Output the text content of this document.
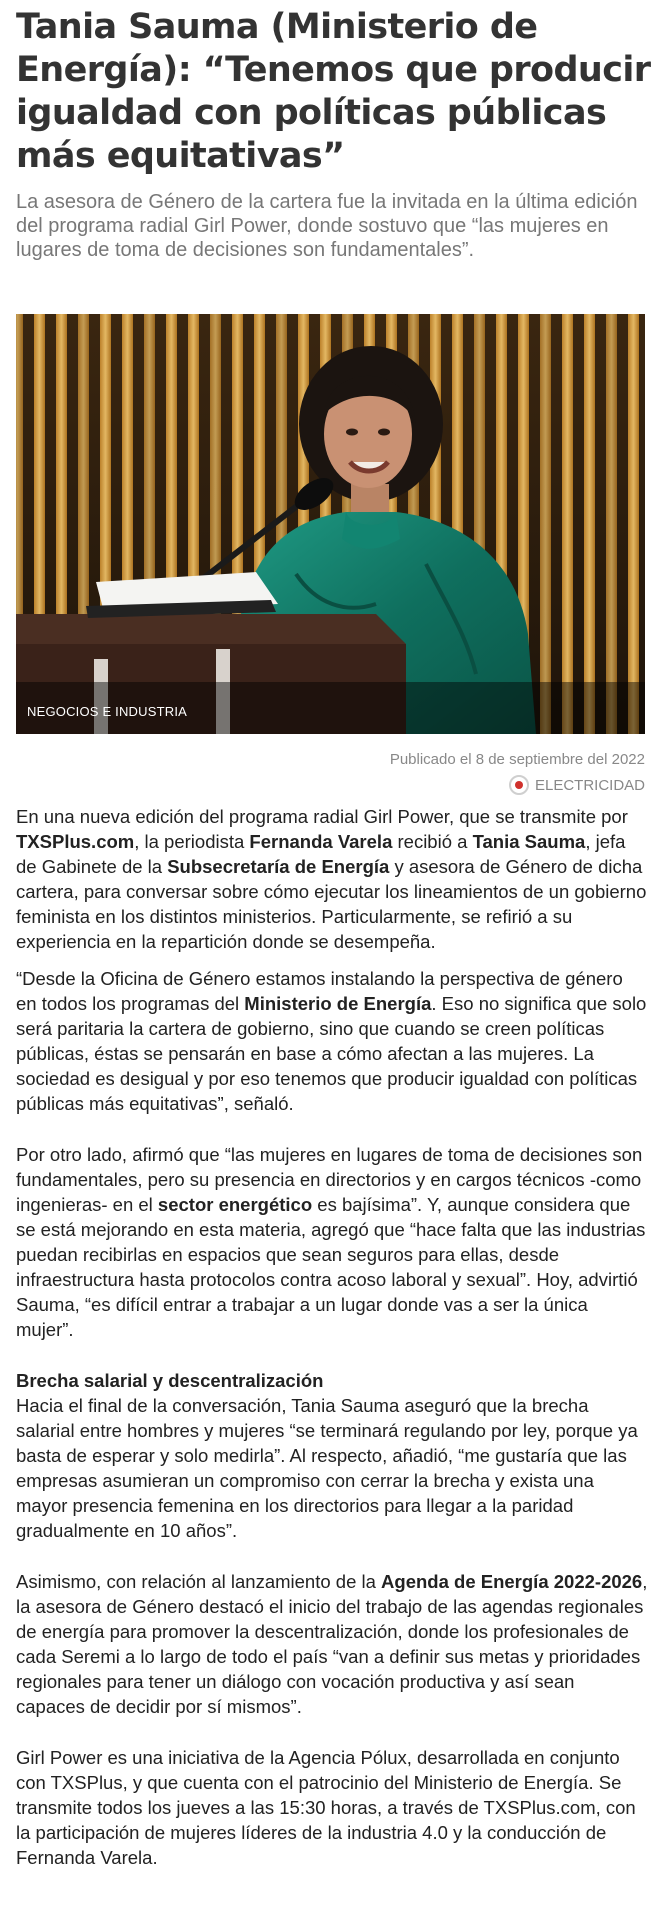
Tania Sauma (Ministerio de Energía): “Tenemos que producir igualdad con políticas públicas más equitativas”

La asesora de Género de la cartera fue la invitada en la última edición del programa radial Girl Power, donde sostuvo que “las mujeres en lugares de toma de decisiones son fundamentales”.

NEGOCIOS E INDUSTRIA
Publicado el 8 de septiembre del 2022
ELECTRICIDAD

En una nueva edición del programa radial Girl Power, que se transmite por TXSPlus.com, la periodista Fernanda Varela recibió a Tania Sauma, jefa de Gabinete de la Subsecretaría de Energía y asesora de Género de dicha cartera, para conversar sobre cómo ejecutar los lineamientos de un gobierno feminista en los distintos ministerios. Particularmente, se refirió a su experiencia en la repartición donde se desempeña.

“Desde la Oficina de Género estamos instalando la perspectiva de género en todos los programas del Ministerio de Energía. Eso no significa que solo será paritaria la cartera de gobierno, sino que cuando se creen políticas públicas, éstas se pensarán en base a cómo afectan a las mujeres. La sociedad es desigual y por eso tenemos que producir igualdad con políticas públicas más equitativas”, señaló.

Por otro lado, afirmó que “las mujeres en lugares de toma de decisiones son fundamentales, pero su presencia en directorios y en cargos técnicos -como ingenieras- en el sector energético es bajísima”. Y, aunque considera que se está mejorando en esta materia, agregó que “hace falta que las industrias puedan recibirlas en espacios que sean seguros para ellas, desde infraestructura hasta protocolos contra acoso laboral y sexual”. Hoy, advirtió Sauma, “es difícil entrar a trabajar a un lugar donde vas a ser la única mujer”.

Brecha salarial y descentralización
Hacia el final de la conversación, Tania Sauma aseguró que la brecha salarial entre hombres y mujeres “se terminará regulando por ley, porque ya basta de esperar y solo medirla”. Al respecto, añadió, “me gustaría que las empresas asumieran un compromiso con cerrar la brecha y exista una mayor presencia femenina en los directorios para llegar a la paridad gradualmente en 10 años”.

Asimismo, con relación al lanzamiento de la Agenda de Energía 2022-2026, la asesora de Género destacó el inicio del trabajo de las agendas regionales de energía para promover la descentralización, donde los profesionales de cada Seremi a lo largo de todo el país “van a definir sus metas y prioridades regionales para tener un diálogo con vocación productiva y así sean capaces de decidir por sí mismos”.

Girl Power es una iniciativa de la Agencia Pólux, desarrollada en conjunto con TXSPlus, y que cuenta con el patrocinio del Ministerio de Energía. Se transmite todos los jueves a las 15:30 horas, a través de TXSPlus.com, con la participación de mujeres líderes de la industria 4.0 y la conducción de Fernanda Varela.
